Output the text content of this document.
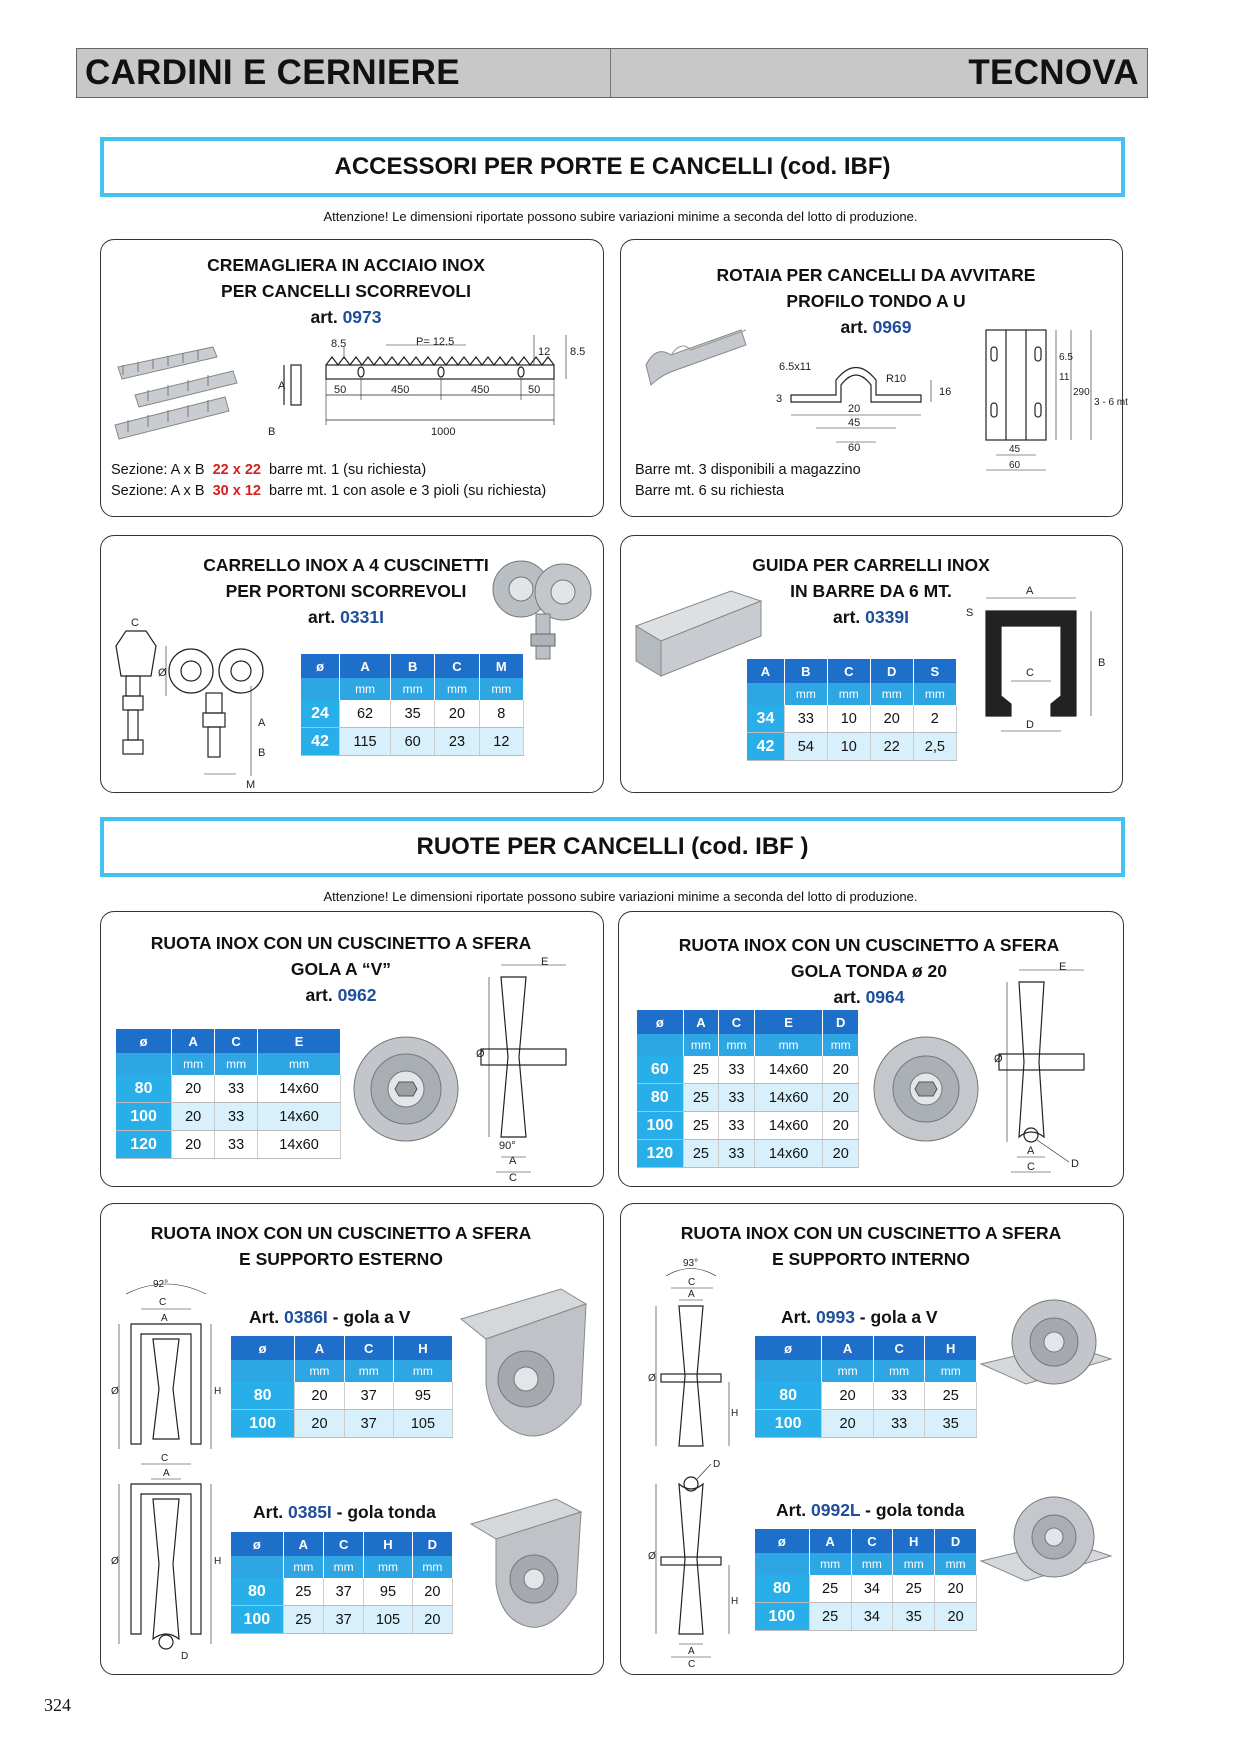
CARDINI E CERNIERE	TECNOVA
ACCESSORI PER PORTE E CANCELLI (cod. IBF)
Attenzione! Le dimensioni riportate possono subire variazioni minime a seconda del lotto di produzione.
CREMAGLIERA IN ACCIAIO INOX
PER CANCELLI SCORREVOLI
art. 0973
A
B
8.5	P= 12.5
12 8.5
50	450	450	50
1000
Sezione: A x B 22 x 22 barre mt. 1 (su richiesta)
Sezione: A x B 30 x 12 barre mt. 1 con asole e 3 pioli (su richiesta)
ROTAIA PER CANCELLI DA AVVITARE
PROFILO TONDO A U
art. 0969
6.5x11
R10
3
20
45
60
16
6.5
11
290
3 - 6 mt
45
60
Barre mt. 3 disponibili a magazzino
Barre mt. 6 su richiesta
CARRELLO INOX A 4 CUSCINETTI
PER PORTONI SCORREVOLI
art. 0331I
C
Ø
A
B
M
ø	A	B	C	M
	mm	mm	mm	mm
24	62	35	20	8
42	115	60	23	12
GUIDA PER CARRELLI INOX
IN BARRE DA 6 MT.
art. 0339I
A
S
B
C
D
A	B	C	D	S
	mm	mm	mm	mm
34	33	10	20	2
42	54	10	22	2,5
RUOTE PER CANCELLI (cod. IBF )
Attenzione! Le dimensioni riportate possono subire variazioni minime a seconda del lotto di produzione.
RUOTA INOX CON UN CUSCINETTO A SFERA
GOLA A “V”
art. 0962
ø	A	C	E
	mm	mm	mm
80	20	33	14x60
100	20	33	14x60
120	20	33	14x60
E
Ø
90°
A
C
RUOTA INOX CON UN CUSCINETTO A SFERA
GOLA TONDA ø 20
art. 0964
ø	A	C	E	D
	mm	mm	mm	mm
60	25	33	14x60	20
80	25	33	14x60	20
100	25	33	14x60	20
120	25	33	14x60	20
E
Ø
A
C	D
RUOTA INOX CON UN CUSCINETTO A SFERA
E SUPPORTO ESTERNO
92°
C
A
Ø	H
Art. 0386I - gola a V
ø	A	C	H
	mm	mm	mm
80	20	37	95
100	20	37	105
C
A
Ø	H
D
Art. 0385I - gola tonda
ø	A	C	H	D
	mm	mm	mm	mm
80	25	37	95	20
100	25	37	105	20
RUOTA INOX CON UN CUSCINETTO A SFERA
E SUPPORTO INTERNO
93°
C
A
Ø
H
Art. 0993 - gola a V
ø	A	C	H
	mm	mm	mm
80	20	33	25
100	20	33	35
D
Ø
H
A
C
Art. 0992L - gola tonda
ø	A	C	H	D
	mm	mm	mm	mm
80	25	34	25	20
100	25	34	35	20
324
